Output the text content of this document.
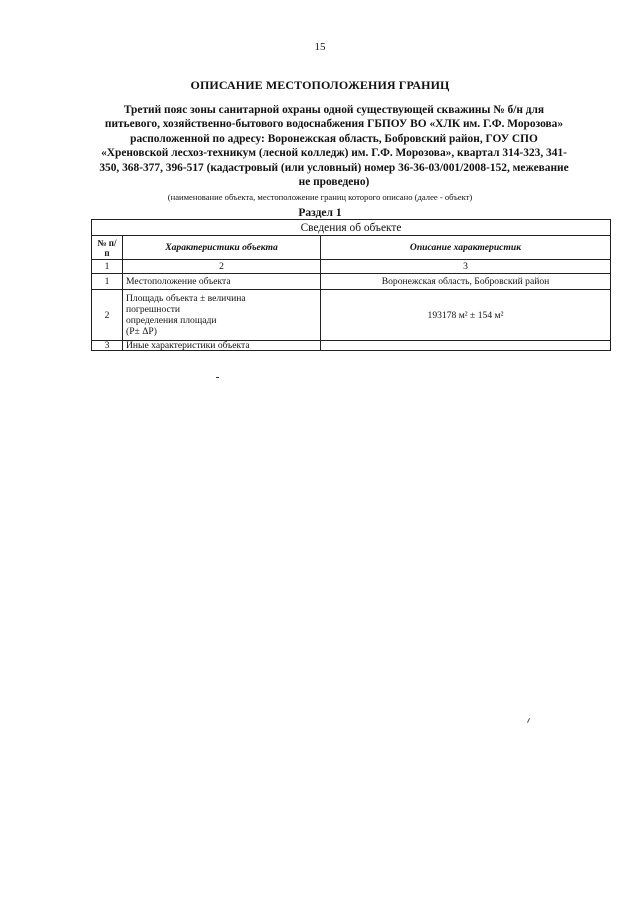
15
ОПИСАНИЕ МЕСТОПОЛОЖЕНИЯ ГРАНИЦ
Третий пояс зоны санитарной охраны одной существующей скважины № б/н для
питьевого, хозяйственно-бытового водоснабжения ГБПОУ ВО «ХЛК им. Г.Ф. Морозова»
расположенной по адресу: Воронежская область, Бобровский район, ГОУ СПО
«Хреновской лесхоз-техникум (лесной колледж) им. Г.Ф. Морозова», квартал 314-323, 341-
350, 368-377, 396-517 (кадастровый (или условный) номер 36-36-03/001/2008-152, межевание
не проведено)
(наименование объекта, местоположение границ которого описано (далее - объект)
Раздел 1
Сведения об объекте		
№ п/п	Характеристики объекта	Описание характеристик
1	2	3
1	Местоположение объекта	Воронежская область, Бобровский район
2	Площадь объекта ± величина
погрешности
определения площади
(P± ΔP)	193178 м² ± 154 м²
3	Иные характеристики объекта	
